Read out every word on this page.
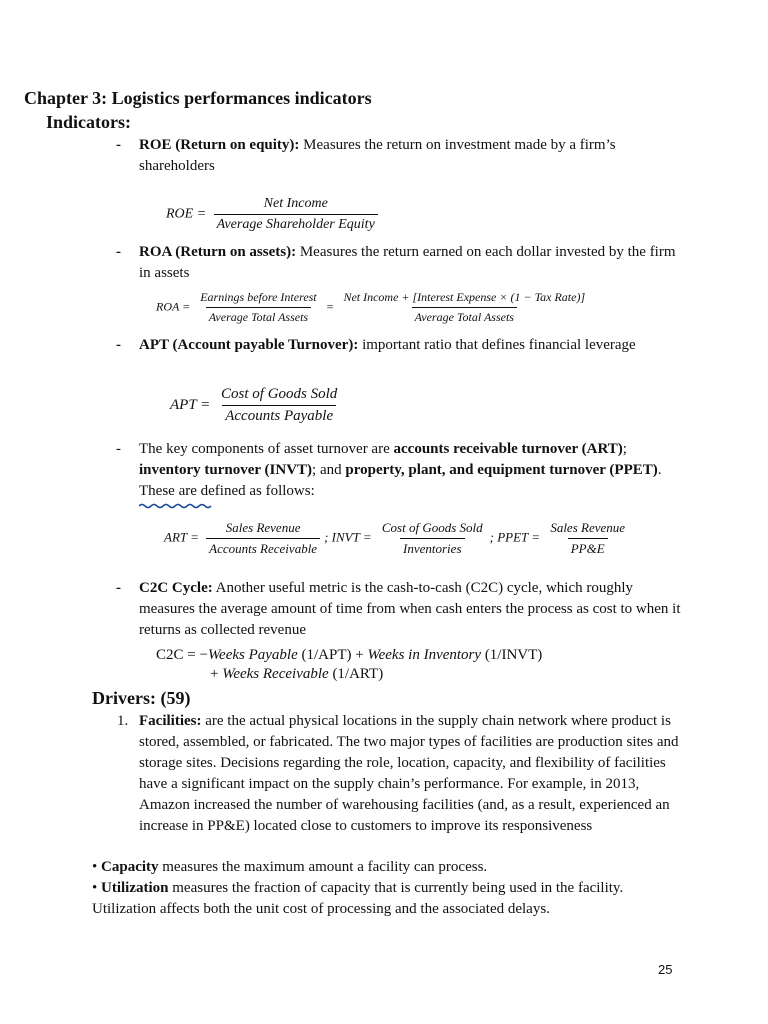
Chapter 3: Logistics performances indicators
Indicators:
- ROE (Return on equity): Measures the return on investment made by a firm’s shareholders
ROE = $\frac{\text{Net Income}}{\text{Average Shareholder Equity}}$
- ROA (Return on assets): Measures the return earned on each dollar invested by the firm in assets
ROA = $\frac{\text{Earnings before Interest}}{\text{Average Total Assets}} = \frac{\text{Net Income + [Interest Expense × (1 − Tax Rate)]}}{\text{Average Total Assets}}$
- APT (Account payable Turnover): important ratio that defines financial leverage
APT = $\frac{\text{Cost of Goods Sold}}{\text{Accounts Payable}}$
- The key components of asset turnover are accounts receivable turnover (ART); inventory turnover (INVT); and property, plant, and equipment turnover (PPET). These are defined as follows:
ART = $\frac{\text{Sales Revenue}}{\text{Accounts Receivable}}$ ; INVT = $\frac{\text{Cost of Goods Sold}}{\text{Inventories}}$ ; PPET = $\frac{\text{Sales Revenue}}{PP\&E}$
- C2C Cycle: Another useful metric is the cash-to-cash (C2C) cycle, which roughly measures the average amount of time from when cash enters the process as cost to when it returns as collected revenue
C2C = −Weeks Payable (1/APT) + Weeks in Inventory (1/INVT)
+ Weeks Receivable (1/ART)
Drivers: (59)
1. Facilities: are the actual physical locations in the supply chain network where product is stored, assembled, or fabricated. The two major types of facilities are production sites and storage sites. Decisions regarding the role, location, capacity, and flexibility of facilities have a significant impact on the supply chain’s performance. For example, in 2013, Amazon increased the number of warehousing facilities (and, as a result, experienced an increase in PP&E) located close to customers to improve its responsiveness
• Capacity measures the maximum amount a facility can process.
• Utilization measures the fraction of capacity that is currently being used in the facility. Utilization affects both the unit cost of processing and the associated delays.
25
